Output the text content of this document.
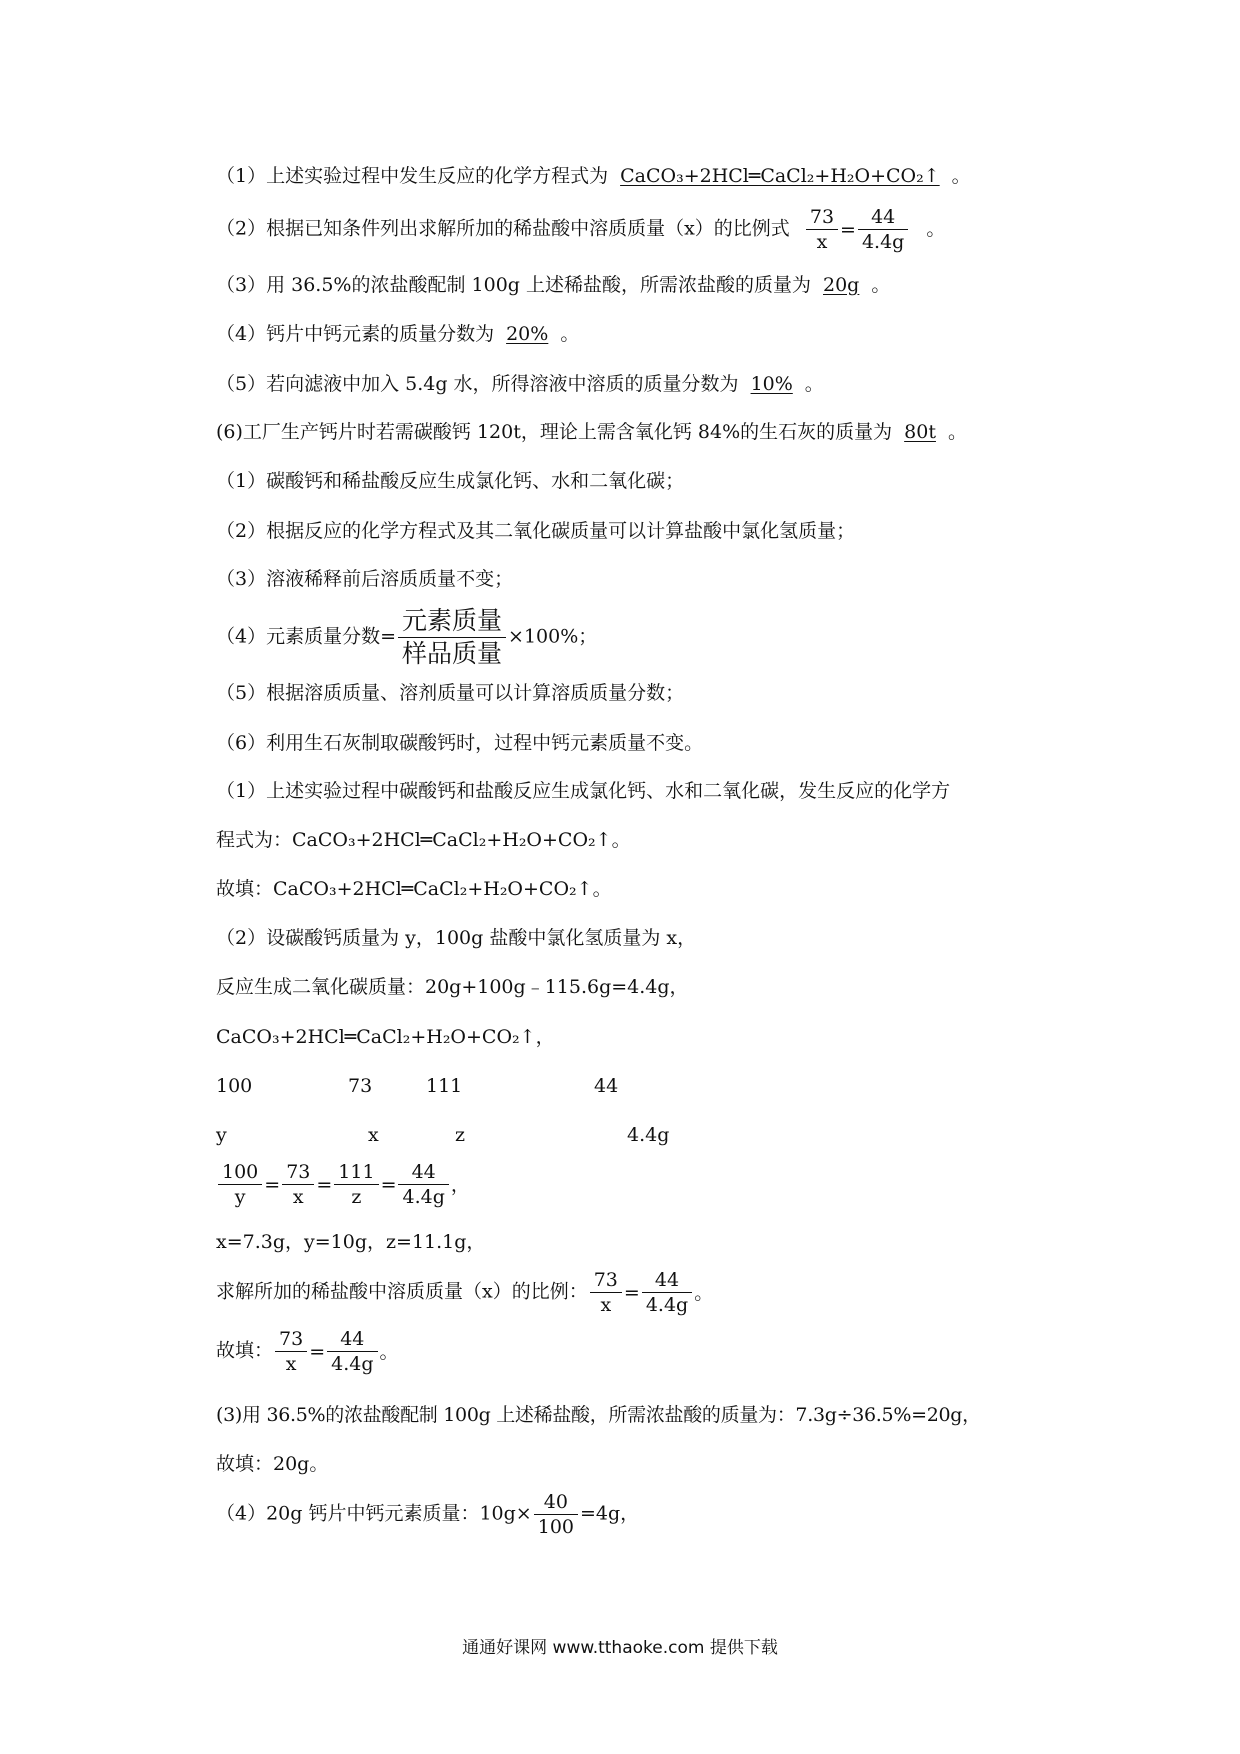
（1）上述实验过程中发生反应的化学方程式为 CaCO₃+2HCl═CaCl₂+H₂O+CO₂↑ 。
（2）根据已知条件列出求解所加的稀盐酸中溶质质量（x）的比例式 $\frac{73}{x} = \frac{44}{4.4g}$ 。
（3）用 36.5%的浓盐酸配制 100g 上述稀盐酸，所需浓盐酸的质量为 20g 。
（4）钙片中钙元素的质量分数为 20% 。
（5）若向滤液中加入 5.4g 水，所得溶液中溶质的质量分数为 10% 。
(6)工厂生产钙片时若需碳酸钙 120t，理论上需含氧化钙 84%的生石灰的质量为 80t 。
（1）碳酸钙和稀盐酸反应生成氯化钙、水和二氧化碳；
（2）根据反应的化学方程式及其二氧化碳质量可以计算盐酸中氯化氢质量；
（3）溶液稀释前后溶质质量不变；
（4）元素质量分数= $\frac{\text{元素质量}}{\text{样品质量}} \times 100\%$；
（5）根据溶质质量、溶剂质量可以计算溶质质量分数；
（6）利用生石灰制取碳酸钙时，过程中钙元素质量不变。
（1）上述实验过程中碳酸钙和盐酸反应生成氯化钙、水和二氧化碳，发生反应的化学方
程式为：CaCO₃+2HCl═CaCl₂+H₂O+CO₂↑。
故填：CaCO₃+2HCl═CaCl₂+H₂O+CO₂↑。
（2）设碳酸钙质量为 y，100g 盐酸中氯化氢质量为 x，
反应生成二氧化碳质量：20g+100g﹣115.6g=4.4g，
CaCO₃+2HCl═CaCl₂+H₂O+CO₂↑，
100	73	111	44
y	x	z	4.4g
$\frac{100}{y} = \frac{73}{x} = \frac{111}{z} = \frac{44}{4.4g}$ ，
x=7.3g，y=10g，z=11.1g，
求解所加的稀盐酸中溶质质量（x）的比例： $\frac{73}{x} = \frac{44}{4.4g}$ 。
故填： $\frac{73}{x} = \frac{44}{4.4g}$ 。
(3)用 36.5%的浓盐酸配制 100g 上述稀盐酸，所需浓盐酸的质量为：7.3g÷36.5%=20g，
故填：20g。
（4）20g 钙片中钙元素质量：$10g\times \frac{40}{100} =4g$，
通通好课网 www.tthaoke.com 提供下载
